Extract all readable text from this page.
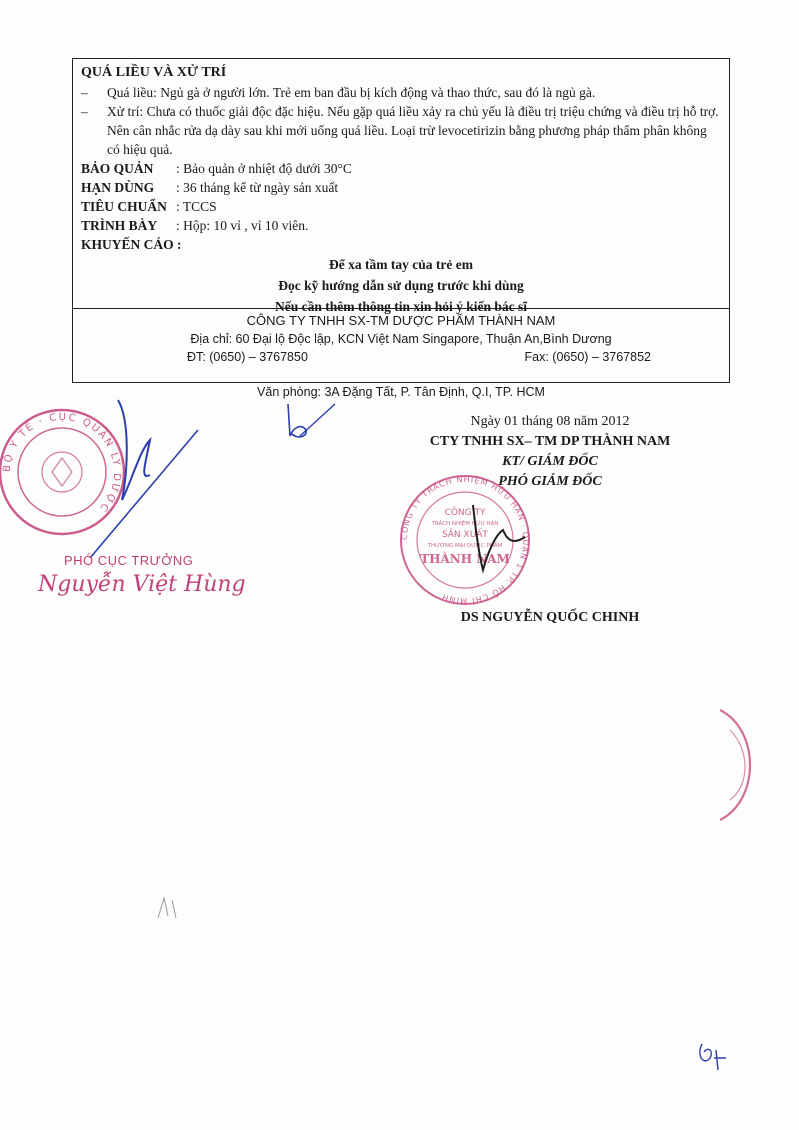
QUÁ LIỀU VÀ XỬ TRÍ
–	Quá liều: Ngủ gà ở người lớn. Trẻ em ban đầu bị kích động và thao thức, sau đó là ngủ gà.
–	Xử trí: Chưa có thuốc giải độc đặc hiệu. Nếu gặp quá liều xảy ra chủ yếu là điều trị triệu chứng và điều trị hỗ trợ. Nên cân nhắc rửa dạ dày sau khi mới uống quá liều. Loại trừ levocetirizin bằng phương pháp thẩm phân không có hiệu quả.
BẢO QUẢN	: Bảo quản ở nhiệt độ dưới 30°C
HẠN DÙNG	: 36 tháng kể từ ngày sản xuất
TIÊU CHUẨN : TCCS
TRÌNH BÀY	: Hộp: 10 vỉ , vỉ 10 viên.
KHUYẾN CÁO :
Để xa tầm tay của trẻ em
Đọc kỹ hướng dẫn sử dụng trước khi dùng
Nếu cần thêm thông tin xin hỏi ý kiến bác sĩ
CÔNG TY TNHH SX-TM DƯỢC PHẨM THÀNH NAM
Địa chỉ: 60 Đại lộ Độc lập, KCN Việt Nam Singapore, Thuận An,Bình Dương
ĐT: (0650) – 3767850	Fax: (0650) – 3767852
Văn phòng: 3A Đặng Tất, P. Tân Định, Q.I, TP. HCM
BỘ Y TẾ · CỤC QUẢN LÝ DƯỢC
PHÓ CỤC TRƯỞNG
Nguyễn Việt Hùng
Ngày 01 tháng 08 năm 2012
CTY TNHH SX– TM DP THÀNH NAM
KT/ GIÁM ĐỐC
PHÓ GIÁM ĐỐC
CÔNG TY TRÁCH NHIỆM HỮU HẠN · QUẬN 1 TP. HỒ CHÍ MINH
CÔNG TY
TRÁCH NHIỆM HỮU HẠN
SẢN XUẤT
THƯƠNG MẠI DƯỢC PHẨM
THÀNH NAM
DS NGUYỄN QUỐC CHINH
